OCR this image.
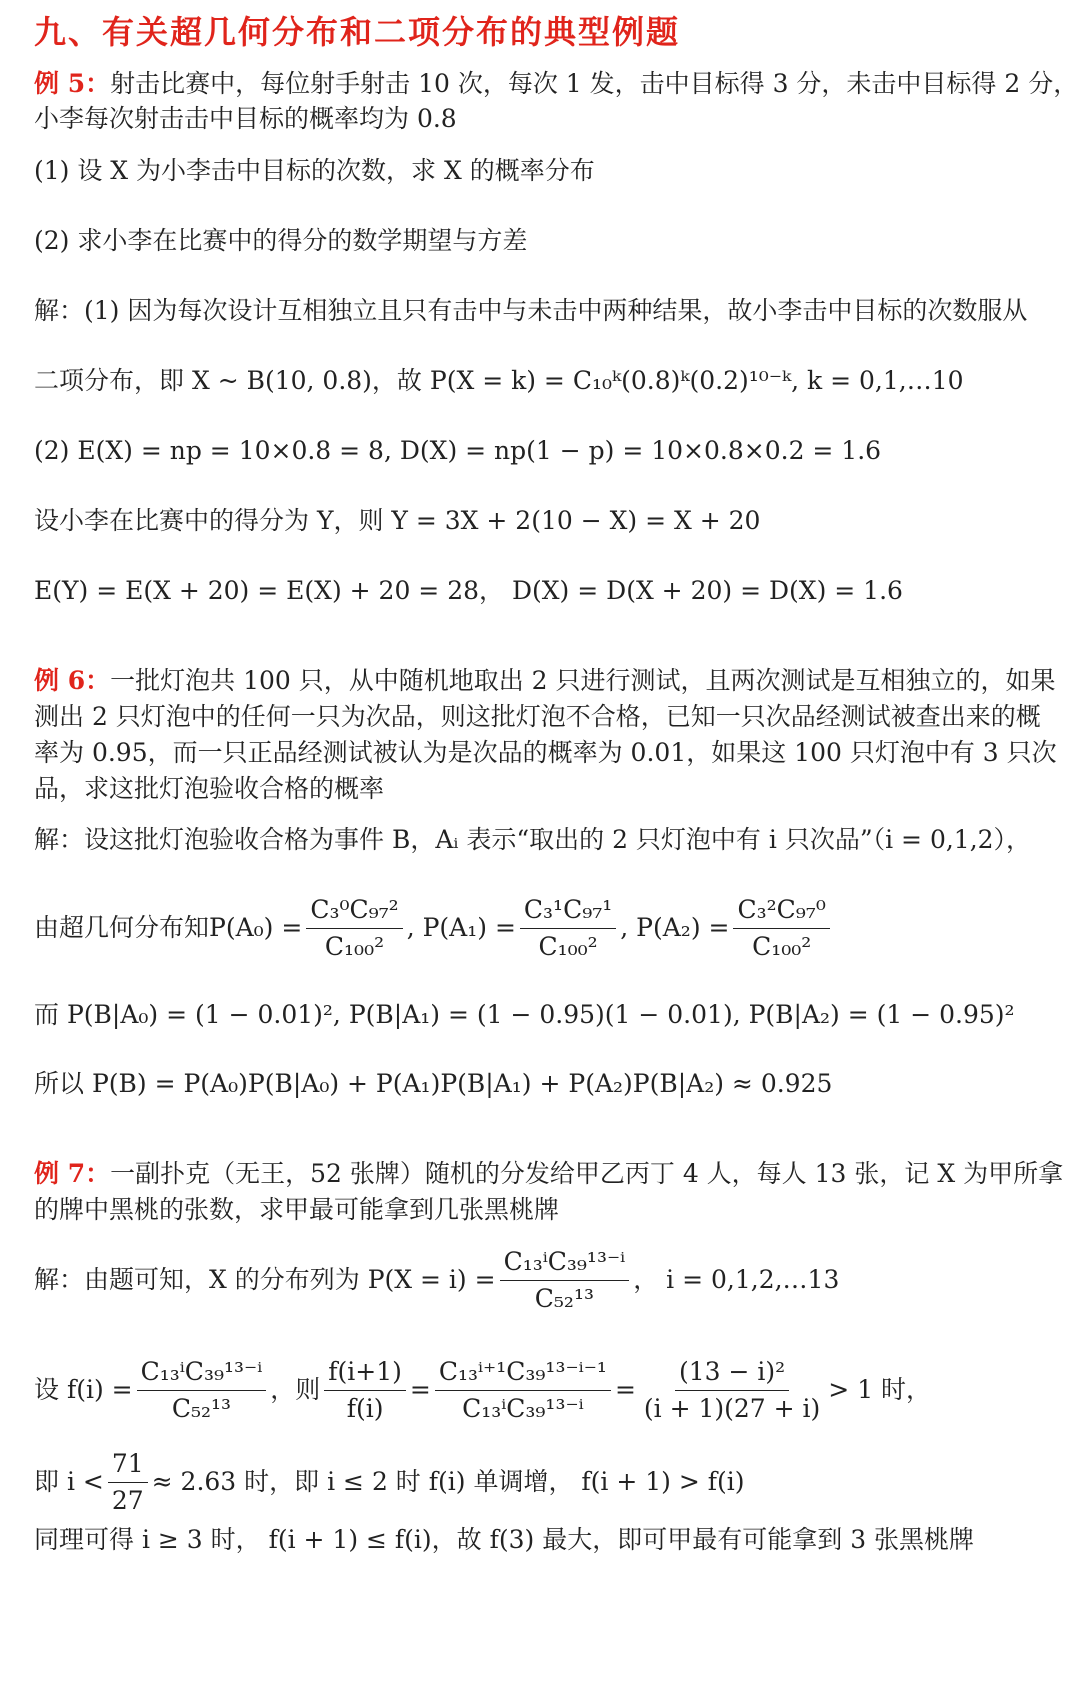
九、有关超几何分布和二项分布的典型例题
例 5：射击比赛中，每位射手射击 10 次，每次 1 发，击中目标得 3 分，未击中目标得 2 分，
小李每次射击击中目标的概率均为 0.8
(1) 设 X 为小李击中目标的次数，求 X 的概率分布
(2) 求小李在比赛中的得分的数学期望与方差
解：(1) 因为每次设计互相独立且只有击中与未击中两种结果，故小李击中目标的次数服从
二项分布，即 X ~ B(10, 0.8)，故 P(X = k) = C₁₀ᵏ(0.8)ᵏ(0.2)¹⁰⁻ᵏ, k = 0,1,…10
(2) E(X) = np = 10×0.8 = 8, D(X) = np(1 − p) = 10×0.8×0.2 = 1.6
设小李在比赛中的得分为 Y，则 Y = 3X + 2(10 − X) = X + 20
E(Y) = E(X + 20) = E(X) + 20 = 28， D(X) = D(X + 20) = D(X) = 1.6
例 6：一批灯泡共 100 只，从中随机地取出 2 只进行测试，且两次测试是互相独立的，如果
测出 2 只灯泡中的任何一只为次品，则这批灯泡不合格，已知一只次品经测试被查出来的概
率为 0.95，而一只正品经测试被认为是次品的概率为 0.01，如果这 100 只灯泡中有 3 只次
品，求这批灯泡验收合格的概率
解：设这批灯泡验收合格为事件 B，Aᵢ 表示“取出的 2 只灯泡中有 i 只次品”（i = 0,1,2），
由超几何分布知 $P(A_0) = \frac{\text{C₃⁰C₉₇²}}{\text{C₁₀₀²}}$ , $P(A_1) = \frac{\text{C₃¹C₉₇¹}}{\text{C₁₀₀²}}$ , $P(A_2) = \frac{\text{C₃²C₉₇⁰}}{\text{C₁₀₀²}}$
而 P(B|A₀) = (1 − 0.01)², P(B|A₁) = (1 − 0.95)(1 − 0.01), P(B|A₂) = (1 − 0.95)²
所以 P(B) = P(A₀)P(B|A₀) + P(A₁)P(B|A₁) + P(A₂)P(B|A₂) ≈ 0.925
例 7：一副扑克（无王，52 张牌）随机的分发给甲乙丙丁 4 人，每人 13 张，记 X 为甲所拿
的牌中黑桃的张数，求甲最可能拿到几张黑桃牌
解：由题可知，X 的分布列为 $P(X = i) = \frac{\text{C₁₃ⁱC₃₉¹³⁻ⁱ}}{\text{C₅₂¹³}}$ ， i = 0,1,2,…13
设 $f(i) = \frac{\text{C₁₃ⁱC₃₉¹³⁻ⁱ}}{\text{C₅₂¹³}}$ ，则 $\frac{f(i+1)}{f(i)} = \frac{\text{C₁₃ⁱ⁺¹C₃₉¹³⁻ⁱ⁻¹}}{\text{C₁₃ⁱC₃₉¹³⁻ⁱ}} = \frac{\text{(13 − i)²}}{(i + 1)(27 + i)} > 1$ 时，
即 $i < \frac{71}{27} \approx 2.63$ 时，即 i ≤ 2 时 f(i) 单调增， f(i + 1) > f(i)
同理可得 i ≥ 3 时， f(i + 1) ≤ f(i)，故 f(3) 最大，即可甲最有可能拿到 3 张黑桃牌
